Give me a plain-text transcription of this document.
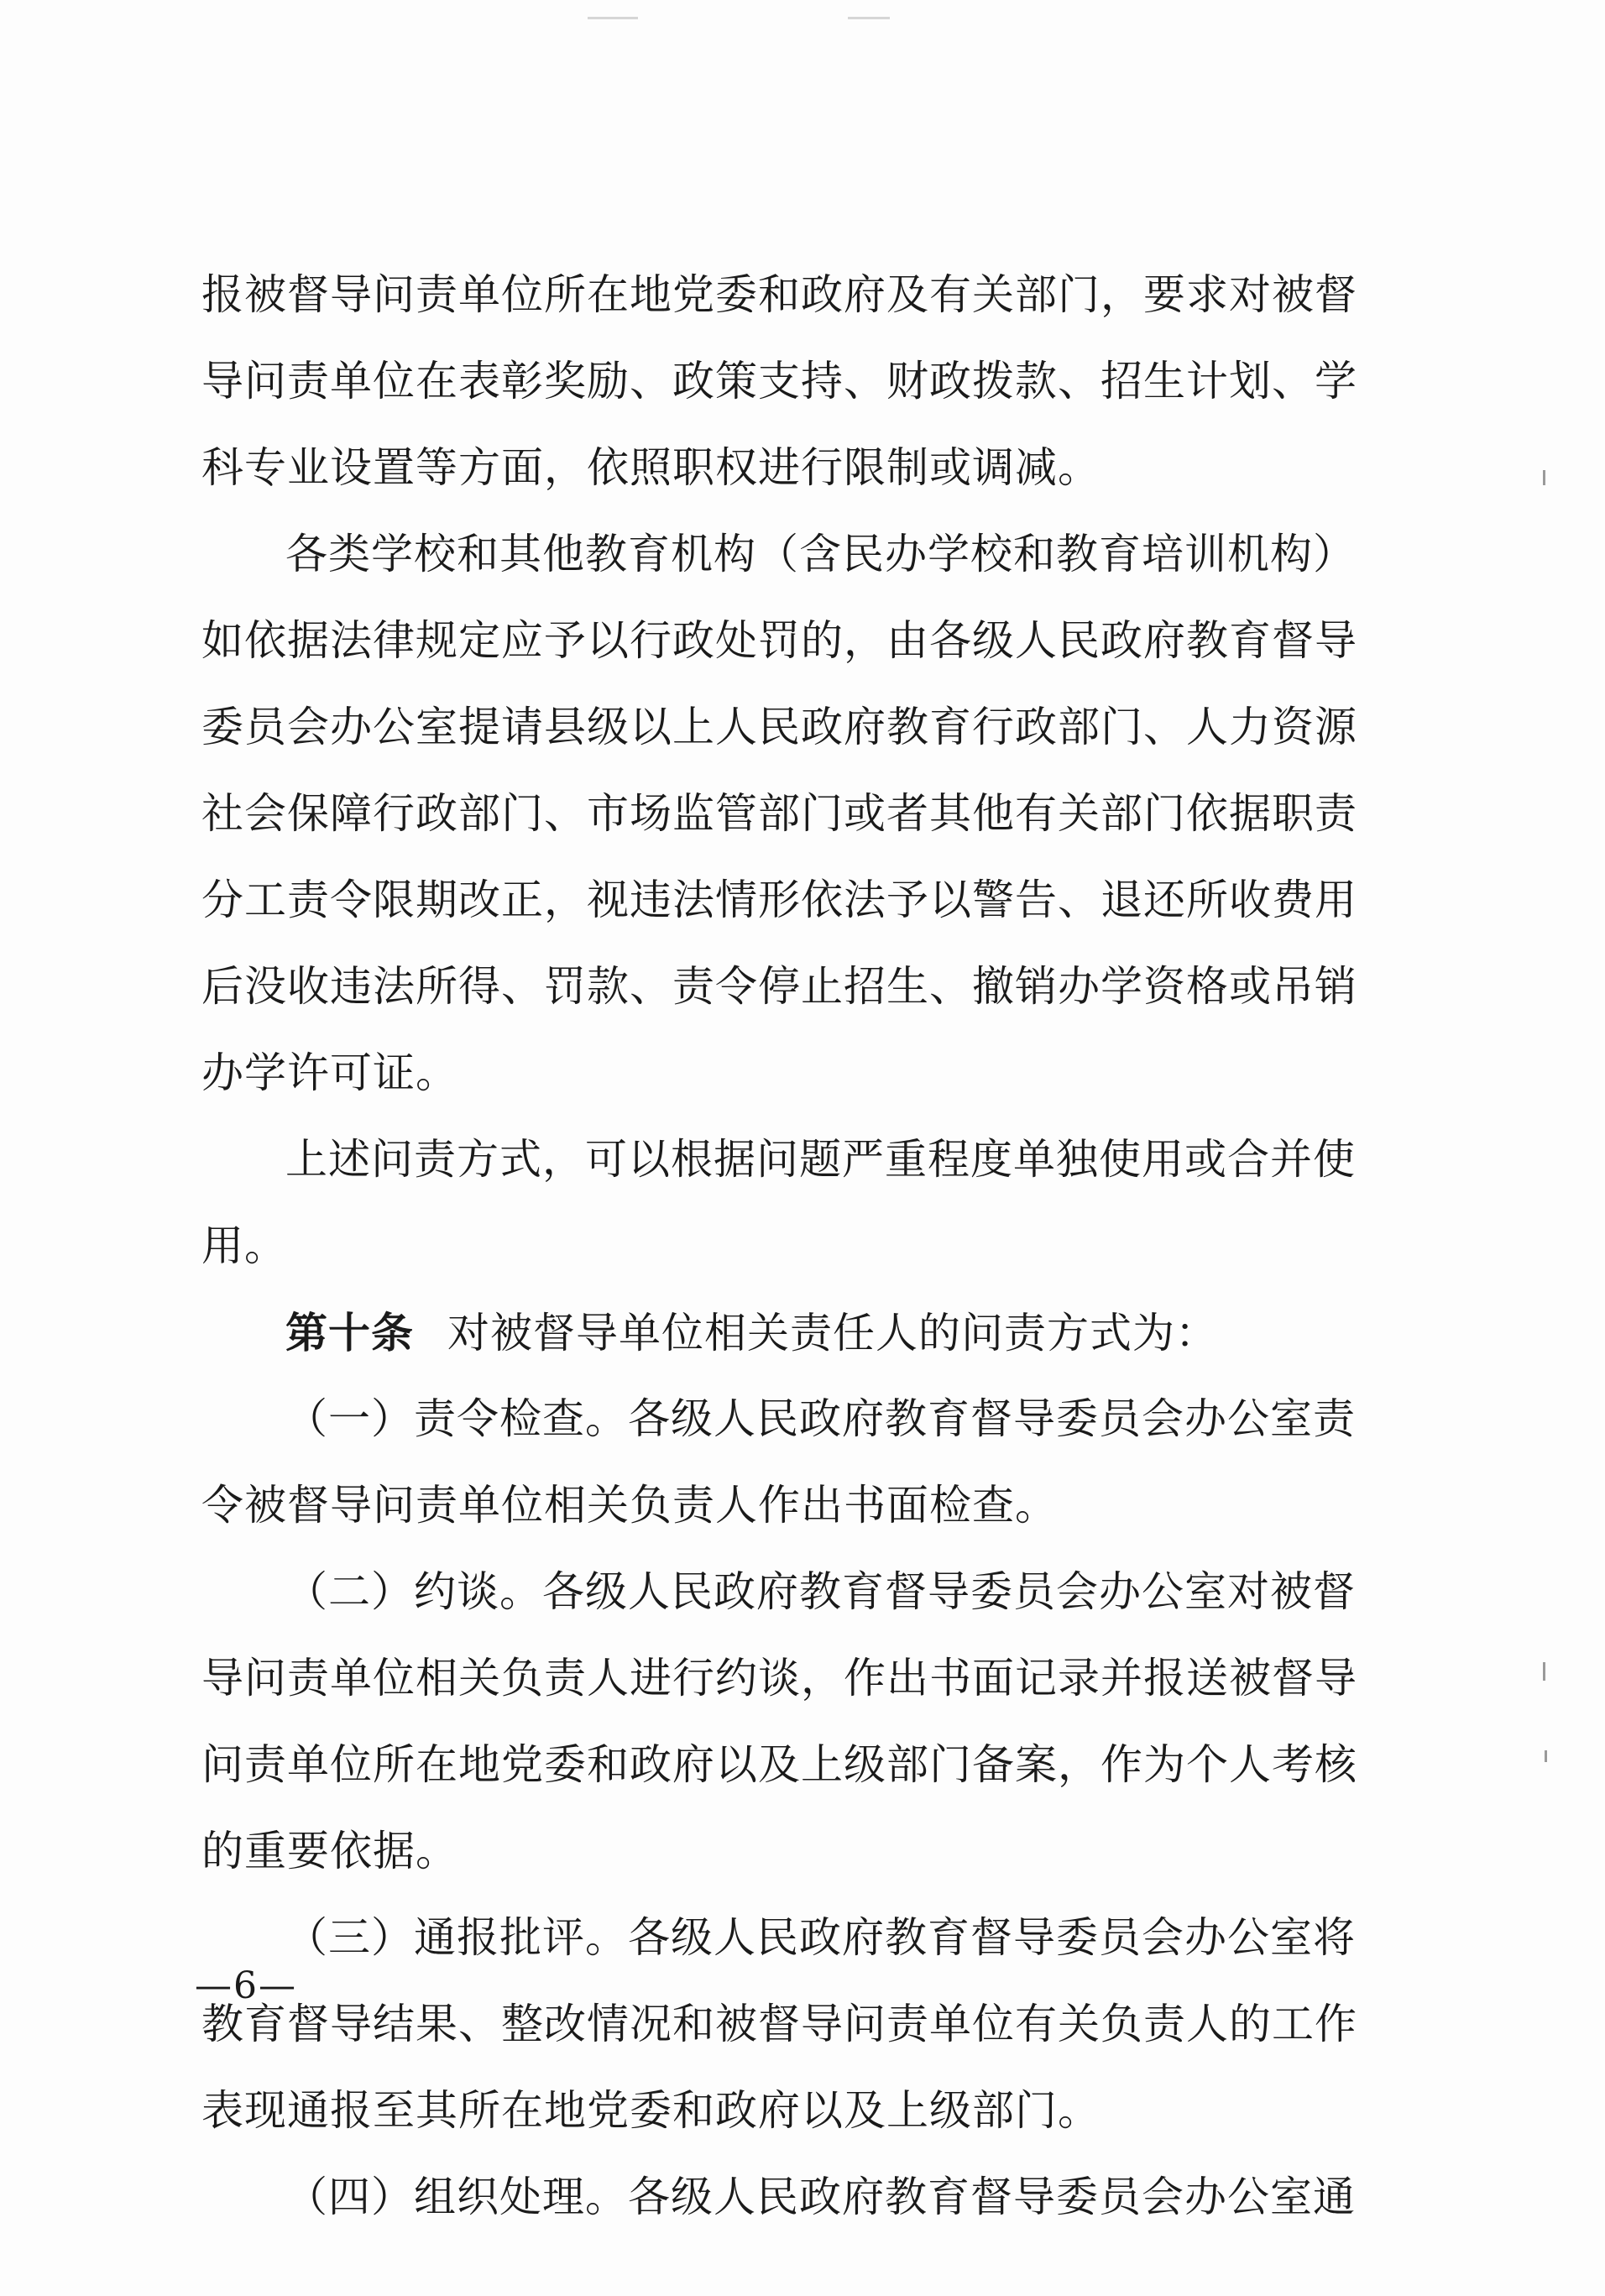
报被督导问责单位所在地党委和政府及有关部门，要求对被督
导问责单位在表彰奖励、政策支持、财政拨款、招生计划、学
科专业设置等方面，依照职权进行限制或调减。
各类学校和其他教育机构（含民办学校和教育培训机构）
如依据法律规定应予以行政处罚的，由各级人民政府教育督导
委员会办公室提请县级以上人民政府教育行政部门、人力资源
社会保障行政部门、市场监管部门或者其他有关部门依据职责
分工责令限期改正，视违法情形依法予以警告、退还所收费用
后没收违法所得、罚款、责令停止招生、撤销办学资格或吊销
办学许可证。
上述问责方式，可以根据问题严重程度单独使用或合并使
用。
第十条 对被督导单位相关责任人的问责方式为：
（一）责令检查。各级人民政府教育督导委员会办公室责
令被督导问责单位相关负责人作出书面检查。
（二）约谈。各级人民政府教育督导委员会办公室对被督
导问责单位相关负责人进行约谈，作出书面记录并报送被督导
问责单位所在地党委和政府以及上级部门备案，作为个人考核
的重要依据。
（三）通报批评。各级人民政府教育督导委员会办公室将
教育督导结果、整改情况和被督导问责单位有关负责人的工作
表现通报至其所在地党委和政府以及上级部门。
（四）组织处理。各级人民政府教育督导委员会办公室通
—6—
